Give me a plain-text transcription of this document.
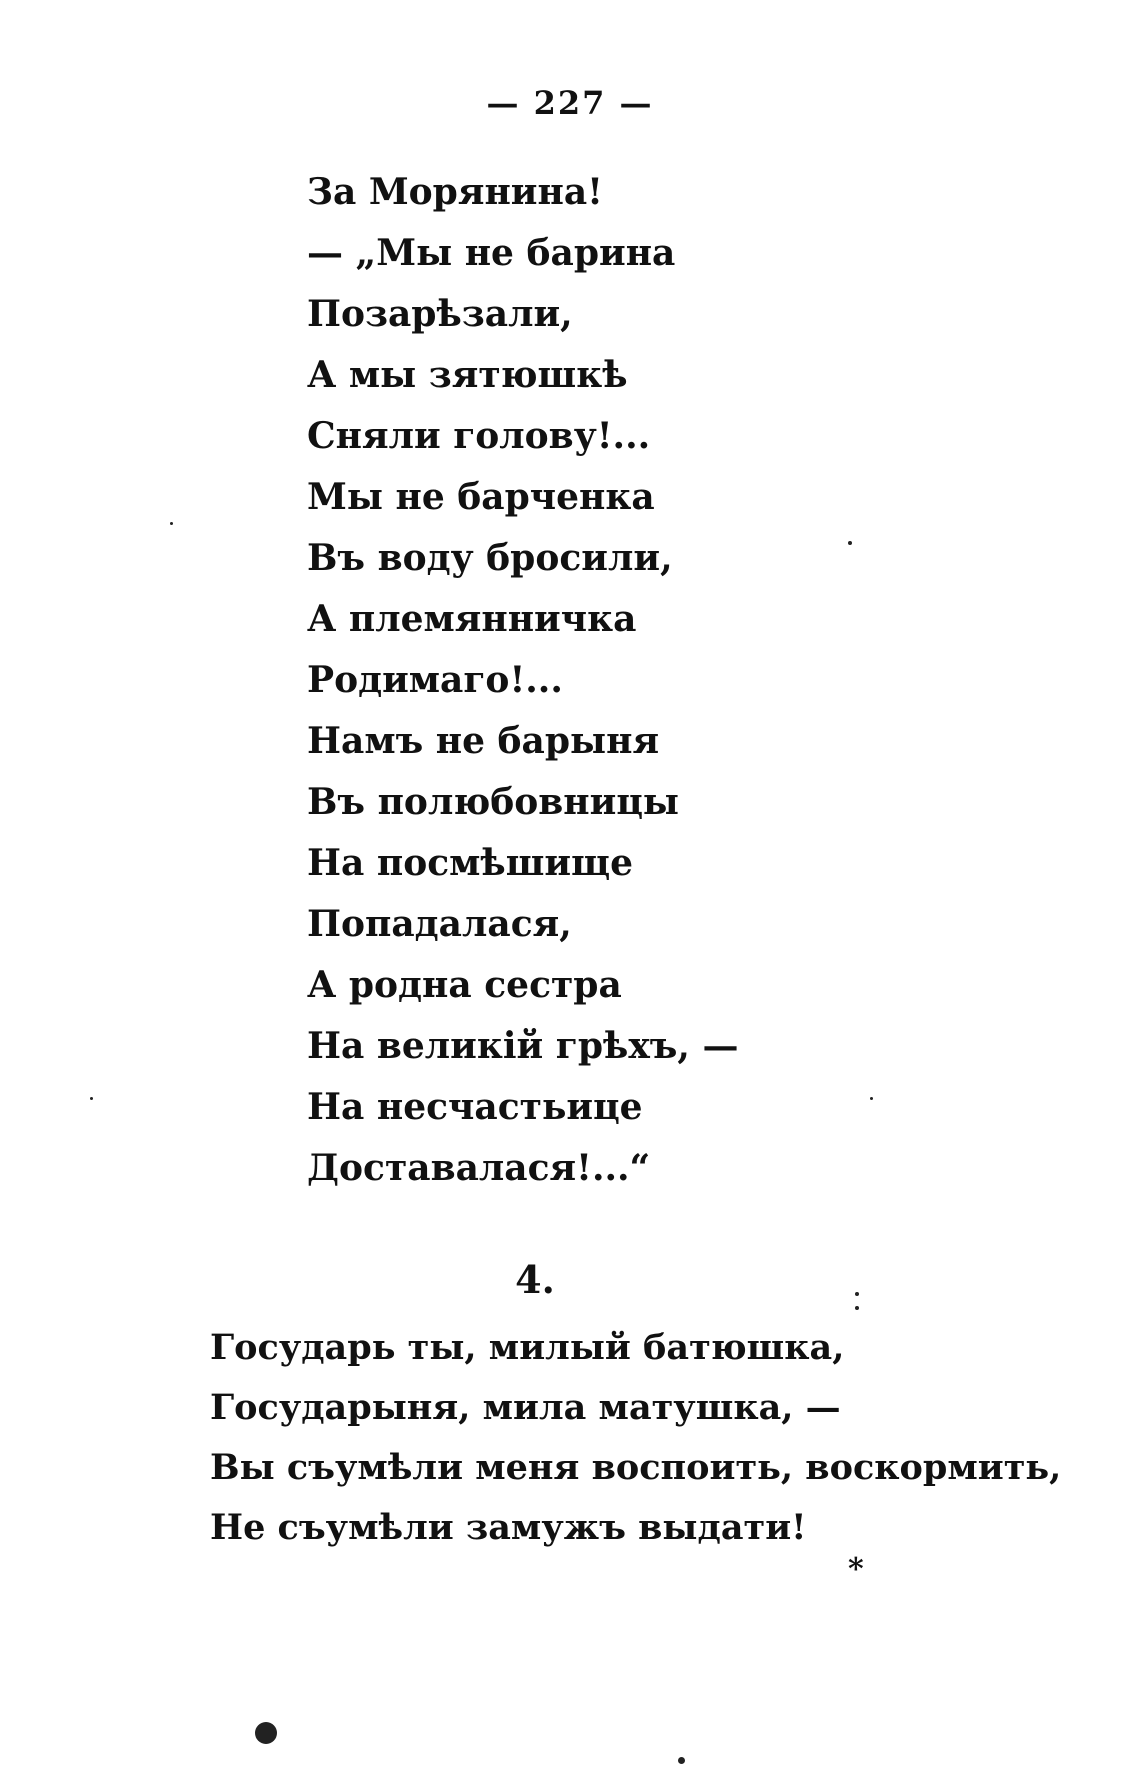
— 227 —
За Морянина!
— „Мы не барина
Позарѣзали,
А мы зятюшкѣ
Сняли голову!...
Мы не барченка
Въ воду бросили,
А племянничка
Родимаго!...
Намъ не барыня
Въ полюбовницы
На посмѣшище
Попадалася,
А родна сестра
На великій грѣхъ, —
На несчастьице
Доставалася!...“
4.
Государь ты, милый батюшка,
Государыня, мила матушка, —
Вы съумѣли меня воспоить, воскормить,
Не съумѣли замужъ выдати!
*
